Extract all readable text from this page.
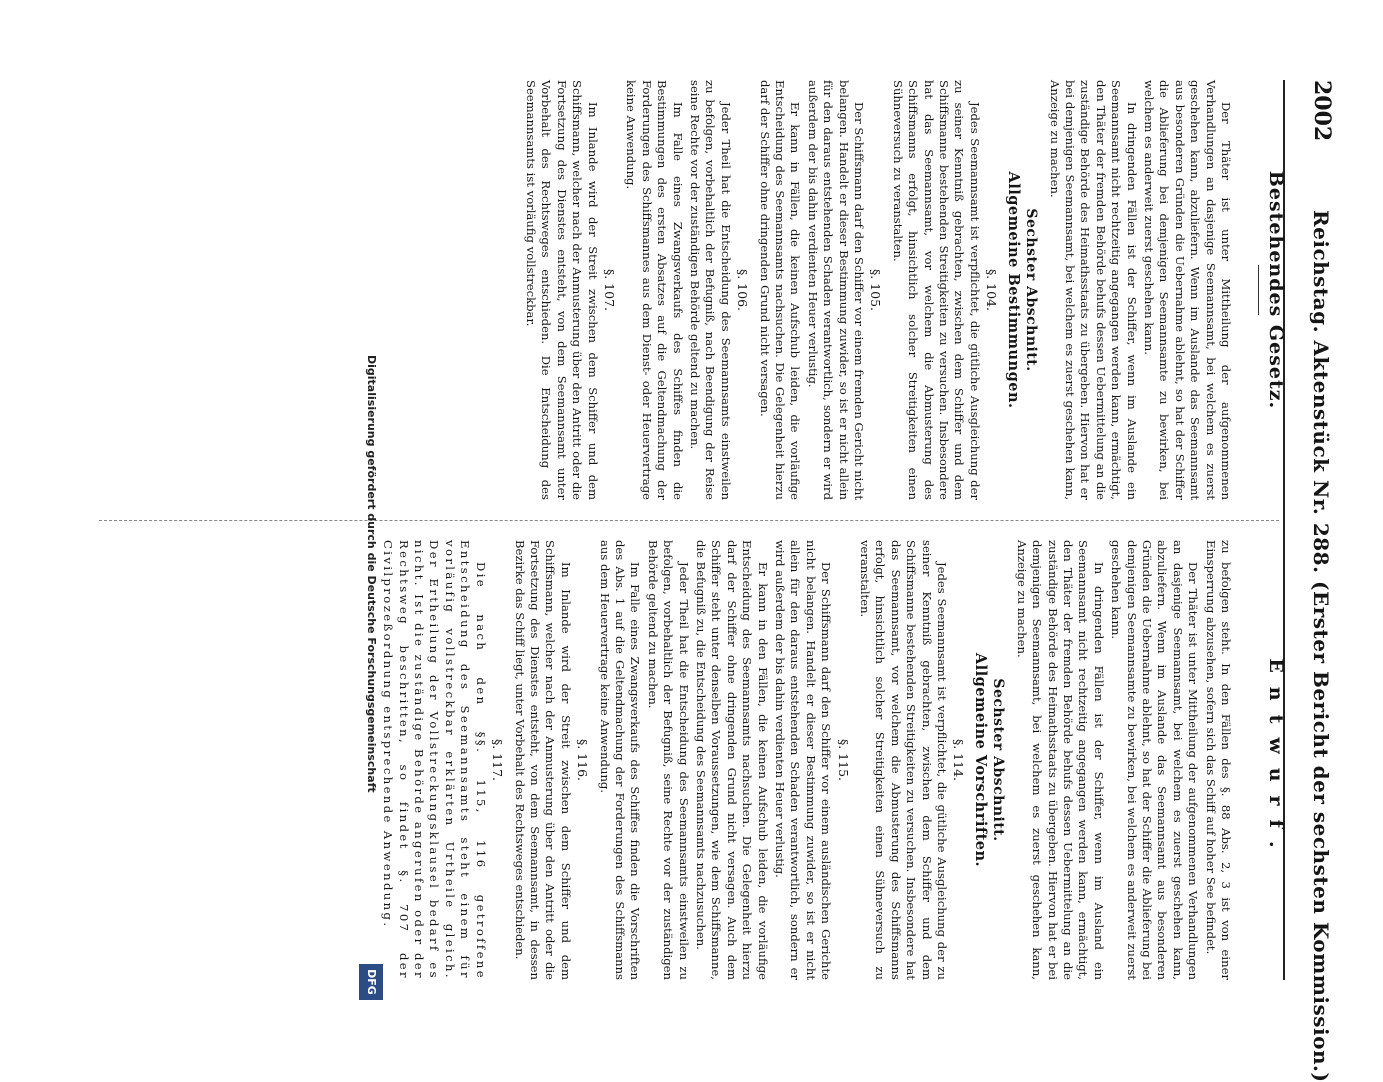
2002
Reichstag. Aktenstück Nr. 288. (Erster Bericht der sechsten Kommission.)
Bestehendes Gesetz.
Entwurf.

Der Thäter ist unter Mittheilung der aufgenommenen Verhandlungen an dasjenige Seemannsamt, bei welchem es zuerst geschehen kann, abzuliefern. Wenn im Auslande das Seemannsamt aus besonderen Gründen die Uebernahme ablehnt, so hat der Schiffer die Ablieferung bei demjenigen Seemannsamte zu bewirken, bei welchem es anderweit zuerst geschehen kann.

In dringenden Fällen ist der Schiffer, wenn im Auslande ein Seemannsamt nicht rechtzeitig angegangen werden kann, ermächtigt, den Thäter der fremden Behörde behufs dessen Uebermittelung an die zuständige Behörde des Heimathsstaats zu übergeben. Hiervon hat er bei demjenigen Seemannsamt, bei welchem es zuerst geschehen kann, Anzeige zu machen.

Sechster Abschnitt.
Allgemeine Bestimmungen.
§. 104.

Jedes Seemannsamt ist verpflichtet, die gütliche Ausgleichung der zu seiner Kenntniß gebrachten, zwischen dem Schiffer und dem Schiffsmanne bestehenden Streitigkeiten zu versuchen. Insbesondere hat das Seemannsamt, vor welchem die Abmusterung des Schiffsmanns erfolgt, hinsichtlich solcher Streitigkeiten einen Sühneversuch zu veranstalten.

§. 105.

Der Schiffsmann darf den Schiffer vor einem fremden Gericht nicht belangen. Handelt er dieser Bestimmung zuwider, so ist er nicht allein für den daraus entstehenden Schaden verantwortlich, sondern er wird außerdem der bis dahin verdienten Heuer verlustig.

Er kann in Fällen, die keinen Aufschub leiden, die vorläufige Entscheidung des Seemannsamts nachsuchen. Die Gelegenheit hierzu darf der Schiffer ohne dringenden Grund nicht versagen.

§. 106.

Jeder Theil hat die Entscheidung des Seemannsamts einstweilen zu befolgen, vorbehaltlich der Befugniß, nach Beendigung der Reise seine Rechte vor der zuständigen Behörde geltend zu machen.

Im Falle eines Zwangsverkaufs des Schiffes finden die Bestimmungen des ersten Absatzes auf die Geltendmachung der Forderungen des Schiffsmannes aus dem Dienst- oder Heuervertrage keine Anwendung.

§. 107.

Im Inlande wird der Streit zwischen dem Schiffer und dem Schiffsmann, welcher nach der Anmusterung über den Antritt oder die Fortsetzung des Dienstes entsteht, von dem Seemannsamt unter Vorbehalt des Rechtsweges entschieden. Die Entscheidung des Seemannsamts ist vorläufig vollstreckbar.

zu befolgen steht. In den Fällen des §. 88 Abs. 2, 3 ist von einer Einsperrung abzusehen, sofern sich das Schiff auf hoher See befindet.

Der Thäter ist unter Mittheilung der aufgenommenen Verhandlungen an dasjenige Seemannsamt, bei welchem es zuerst geschehen kann, abzuliefern. Wenn im Auslande das Seemannsamt aus besonderen Gründen die Uebernahme ablehnt, so hat der Schiffer die Ablieferung bei demjenigen Seemannsamte zu bewirken, bei welchem es anderweit zuerst geschehen kann.

In dringenden Fällen ist der Schiffer, wenn im Ausland ein Seemannsamt nicht rechtzeitig angegangen werden kann, ermächtigt, den Thäter der fremden Behörde behufs dessen Uebermittelung an die zuständige Behörde des Heimathsstaats zu übergeben. Hiervon hat er bei demjenigen Seemannsamt, bei welchem es zuerst geschehen kann, Anzeige zu machen.

Sechster Abschnitt.
Allgemeine Vorschriften.
§. 114.

Jedes Seemannsamt ist verpflichtet, die gütliche Ausgleichung der zu seiner Kenntniß gebrachten, zwischen dem Schiffer und dem Schiffsmanne bestehenden Streitigkeiten zu versuchen. Insbesondere hat das Seemannsamt, vor welchem die Abmusterung des Schiffsmanns erfolgt, hinsichtlich solcher Streitigkeiten einen Sühneversuch zu veranstalten.

§. 115.

Der Schiffsmann darf den Schiffer vor einem ausländischen Gerichte nicht belangen. Handelt er dieser Bestimmung zuwider, so ist er nicht allein für den daraus entstehenden Schaden verantwortlich, sondern er wird außerdem der bis dahin verdienten Heuer verlustig.

Er kann in den Fällen, die keinen Aufschub leiden, die vorläufige Entscheidung des Seemannsamts nachsuchen. Die Gelegenheit hierzu darf der Schiffer ohne dringenden Grund nicht versagen. Auch dem Schiffer steht unter denselben Voraussetzungen, wie dem Schiffsmanne, die Befugniß zu, die Entscheidung des Seemannsamts nachzusuchen.

Jeder Theil hat die Entscheidung des Seemannsamts einstweilen zu befolgen, vorbehaltlich der Befugniß, seine Rechte vor der zuständigen Behörde geltend zu machen.

Im Falle eines Zwangsverkaufs des Schiffes finden die Vorschriften des Abs. 1 auf die Geltendmachung der Forderungen des Schiffsmanns aus dem Heuervertrage keine Anwendung.

§. 116.

Im Inlande wird der Streit zwischen dem Schiffer und dem Schiffsmann, welcher nach der Anmusterung über den Antritt oder die Fortsetzung des Dienstes entsteht, von dem Seemannsamt, in dessen Bezirke das Schiff liegt, unter Vorbehalt des Rechtsweges entschieden.

§. 117.

Die nach den §§. 115, 116 getroffene Entscheidung des Seemannsamts steht einem für vorläufig vollstreckbar erklärten Urtheile gleich. Der Ertheilung der Vollstreckungsklausel bedarf es nicht. Ist die zuständige Behörde angerufen oder der Rechtsweg beschritten, so findet §. 707 der Civilprozeßordnung entsprechende Anwendung.

Digitalisierung gefördert durch die Deutsche Forschungsgemeinschaft
DFG
